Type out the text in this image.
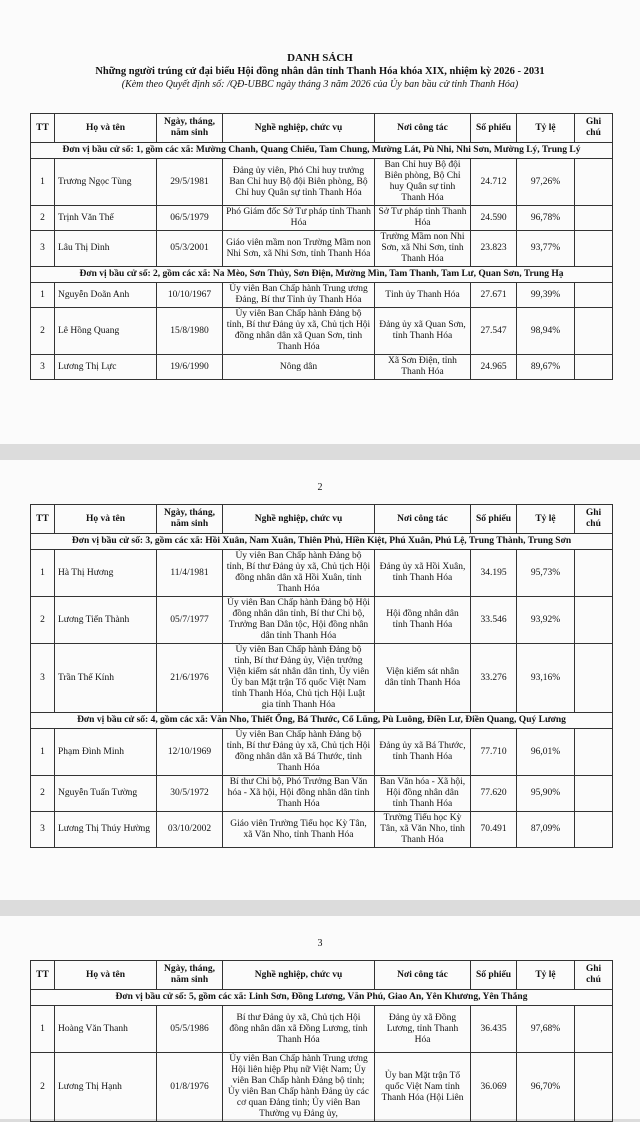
DANH SÁCH
Những người trúng cử đại biểu Hội đồng nhân dân tỉnh Thanh Hóa khóa XIX, nhiệm kỳ 2026 - 2031
(Kèm theo Quyết định số: /QĐ-UBBC ngày tháng 3 năm 2026 của Ủy ban bầu cử tỉnh Thanh Hóa)
TT	Họ và tên	Ngày, tháng, năm sinh	Nghề nghiệp, chức vụ	Nơi công tác	Số phiếu	Tỷ lệ	Ghi chú
Đơn vị bầu cử số: 1, gồm các xã: Mường Chanh, Quang Chiểu, Tam Chung, Mường Lát, Pù Nhi, Nhi Sơn, Mường Lý, Trung Lý							
1	Trương Ngọc Tùng	29/5/1981	Đảng ủy viên, Phó Chỉ huy trưởng Ban Chỉ huy Bộ đội Biên phòng, Bộ Chỉ huy Quân sự tỉnh Thanh Hóa	Ban Chỉ huy Bộ đội Biên phòng, Bộ Chỉ huy Quân sự tỉnh Thanh Hóa	24.712	97,26%	
2	Trịnh Văn Thế	06/5/1979	Phó Giám đốc Sở Tư pháp tỉnh Thanh Hóa	Sở Tư pháp tỉnh Thanh Hóa	24.590	96,78%	
3	Lâu Thị Dình	05/3/2001	Giáo viên mầm non Trường Mầm non Nhi Sơn, xã Nhi Sơn, tỉnh Thanh Hóa	Trường Mầm non Nhi Sơn, xã Nhi Sơn, tỉnh Thanh Hóa	23.823	93,77%	
Đơn vị bầu cử số: 2, gồm các xã: Na Mèo, Sơn Thủy, Sơn Điện, Mường Mìn, Tam Thanh, Tam Lư, Quan Sơn, Trung Hạ							
1	Nguyễn Doãn Anh	10/10/1967	Ủy viên Ban Chấp hành Trung ương Đảng, Bí thư Tỉnh ủy Thanh Hóa	Tỉnh ủy Thanh Hóa	27.671	99,39%	
2	Lê Hồng Quang	15/8/1980	Ủy viên Ban Chấp hành Đảng bộ tỉnh, Bí thư Đảng ủy xã, Chủ tịch Hội đồng nhân dân xã Quan Sơn, tỉnh Thanh Hóa	Đảng ủy xã Quan Sơn, tỉnh Thanh Hóa	27.547	98,94%	
3	Lương Thị Lực	19/6/1990	Nông dân	Xã Sơn Điện, tỉnh Thanh Hóa	24.965	89,67%	
2
TT	Họ và tên	Ngày, tháng, năm sinh	Nghề nghiệp, chức vụ	Nơi công tác	Số phiếu	Tỷ lệ	Ghi chú
Đơn vị bầu cử số: 3, gồm các xã: Hồi Xuân, Nam Xuân, Thiên Phủ, Hiền Kiệt, Phú Xuân, Phú Lệ, Trung Thành, Trung Sơn							
1	Hà Thị Hương	11/4/1981	Ủy viên Ban Chấp hành Đảng bộ tỉnh, Bí thư Đảng ủy xã, Chủ tịch Hội đồng nhân dân xã Hồi Xuân, tỉnh Thanh Hóa	Đảng ủy xã Hồi Xuân, tỉnh Thanh Hóa	34.195	95,73%	
2	Lương Tiến Thành	05/7/1977	Ủy viên Ban Chấp hành Đảng bộ Hội đồng nhân dân tỉnh, Bí thư Chi bộ, Trưởng Ban Dân tộc, Hội đồng nhân dân tỉnh Thanh Hóa	Hội đồng nhân dân tỉnh Thanh Hóa	33.546	93,92%	
3	Trần Thế Kính	21/6/1976	Ủy viên Ban Chấp hành Đảng bộ tỉnh, Bí thư Đảng ủy, Viện trưởng Viện kiểm sát nhân dân tỉnh, Ủy viên Ủy ban Mặt trận Tổ quốc Việt Nam tỉnh Thanh Hóa, Chủ tịch Hội Luật gia tỉnh Thanh Hóa	Viện kiểm sát nhân dân tỉnh Thanh Hóa	33.276	93,16%	
Đơn vị bầu cử số: 4, gồm các xã: Văn Nho, Thiết Ống, Bá Thước, Cổ Lũng, Pù Luông, Điền Lư, Điền Quang, Quý Lương							
1	Phạm Đình Minh	12/10/1969	Ủy viên Ban Chấp hành Đảng bộ tỉnh, Bí thư Đảng ủy xã, Chủ tịch Hội đồng nhân dân xã Bá Thước, tỉnh Thanh Hóa	Đảng ủy xã Bá Thước, tỉnh Thanh Hóa	77.710	96,01%	
2	Nguyễn Tuấn Tường	30/5/1972	Bí thư Chi bộ, Phó Trưởng Ban Văn hóa - Xã hội, Hội đồng nhân dân tỉnh Thanh Hóa	Ban Văn hóa - Xã hội, Hội đồng nhân dân tỉnh Thanh Hóa	77.620	95,90%	
3	Lương Thị Thúy Hường	03/10/2002	Giáo viên Trường Tiểu học Kỳ Tân, xã Văn Nho, tỉnh Thanh Hóa	Trường Tiểu học Kỳ Tân, xã Văn Nho, tỉnh Thanh Hóa	70.491	87,09%	
3
TT	Họ và tên	Ngày, tháng, năm sinh	Nghề nghiệp, chức vụ	Nơi công tác	Số phiếu	Tỷ lệ	Ghi chú
Đơn vị bầu cử số: 5, gồm các xã: Linh Sơn, Đồng Lương, Văn Phú, Giao An, Yên Khương, Yên Thắng							
1	Hoàng Văn Thanh	05/5/1986	Bí thư Đảng ủy xã, Chủ tịch Hội đồng nhân dân xã Đồng Lương, tỉnh Thanh Hóa	Đảng ủy xã Đồng Lương, tỉnh Thanh Hóa	36.435	97,68%	
2	Lương Thị Hạnh	01/8/1976	Ủy viên Ban Chấp hành Trung ương Hội liên hiệp Phụ nữ Việt Nam; Ủy viên Ban Chấp hành Đảng bộ tỉnh; Ủy viên Ban Chấp hành Đảng ủy các cơ quan Đảng tỉnh; Ủy viên Ban Thường vụ Đảng ủy,	Ủy ban Mặt trận Tổ quốc Việt Nam tỉnh Thanh Hóa (Hội Liên	36.069	96,70%	
